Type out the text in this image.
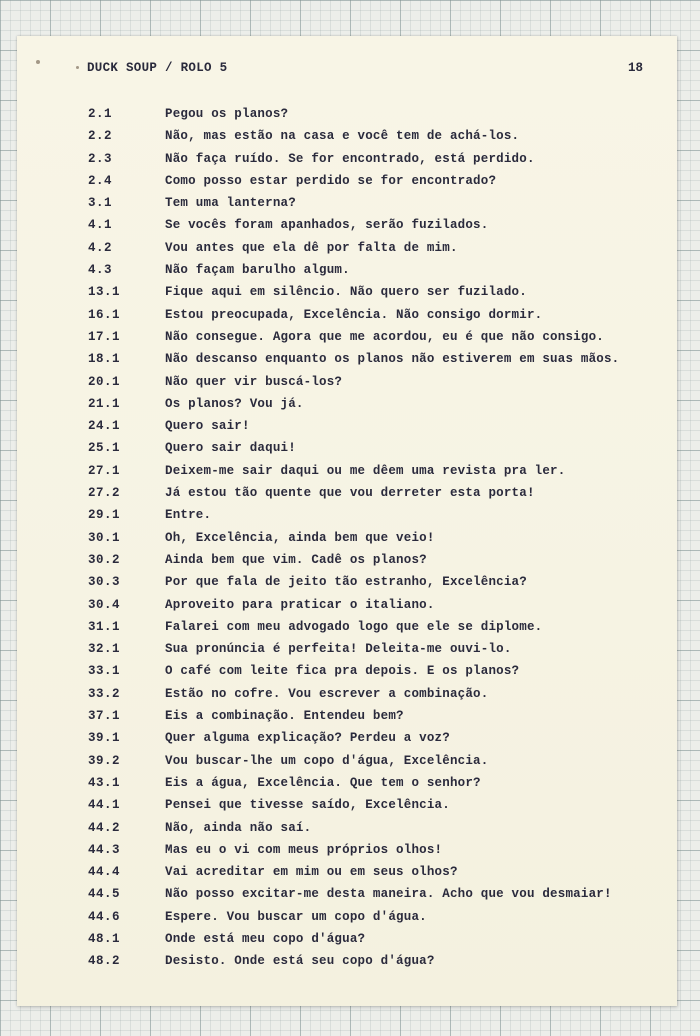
DUCK SOUP / ROLO 5	18
2.1	Pegou os planos?
2.2	Não, mas estão na casa e você tem de achá-los.
2.3	Não faça ruído. Se for encontrado, está perdido.
2.4	Como posso estar perdido se for encontrado?
3.1	Tem uma lanterna?
4.1	Se vocês foram apanhados, serão fuzilados.
4.2	Vou antes que ela dê por falta de mim.
4.3	Não façam barulho algum.
13.1	Fique aqui em silêncio. Não quero ser fuzilado.
16.1	Estou preocupada, Excelência. Não consigo dormir.
17.1	Não consegue. Agora que me acordou, eu é que não consigo.
18.1	Não descanso enquanto os planos não estiverem em suas mãos.
20.1	Não quer vir buscá-los?
21.1	Os planos? Vou já.
24.1	Quero sair!
25.1	Quero sair daqui!
27.1	Deixem-me sair daqui ou me dêem uma revista pra ler.
27.2	Já estou tão quente que vou derreter esta porta!
29.1	Entre.
30.1	Oh, Excelência, ainda bem que veio!
30.2	Ainda bem que vim. Cadê os planos?
30.3	Por que fala de jeito tão estranho, Excelência?
30.4	Aproveito para praticar o italiano.
31.1	Falarei com meu advogado logo que ele se diplome.
32.1	Sua pronúncia é perfeita! Deleita-me ouvi-lo.
33.1	O café com leite fica pra depois. E os planos?
33.2	Estão no cofre. Vou escrever a combinação.
37.1	Eis a combinação. Entendeu bem?
39.1	Quer alguma explicação? Perdeu a voz?
39.2	Vou buscar-lhe um copo d'água, Excelência.
43.1	Eis a água, Excelência. Que tem o senhor?
44.1	Pensei que tivesse saído, Excelência.
44.2	Não, ainda não saí.
44.3	Mas eu o vi com meus próprios olhos!
44.4	Vai acreditar em mim ou em seus olhos?
44.5	Não posso excitar-me desta maneira. Acho que vou desmaiar!
44.6	Espere. Vou buscar um copo d'água.
48.1	Onde está meu copo d'água?
48.2	Desisto. Onde está seu copo d'água?
